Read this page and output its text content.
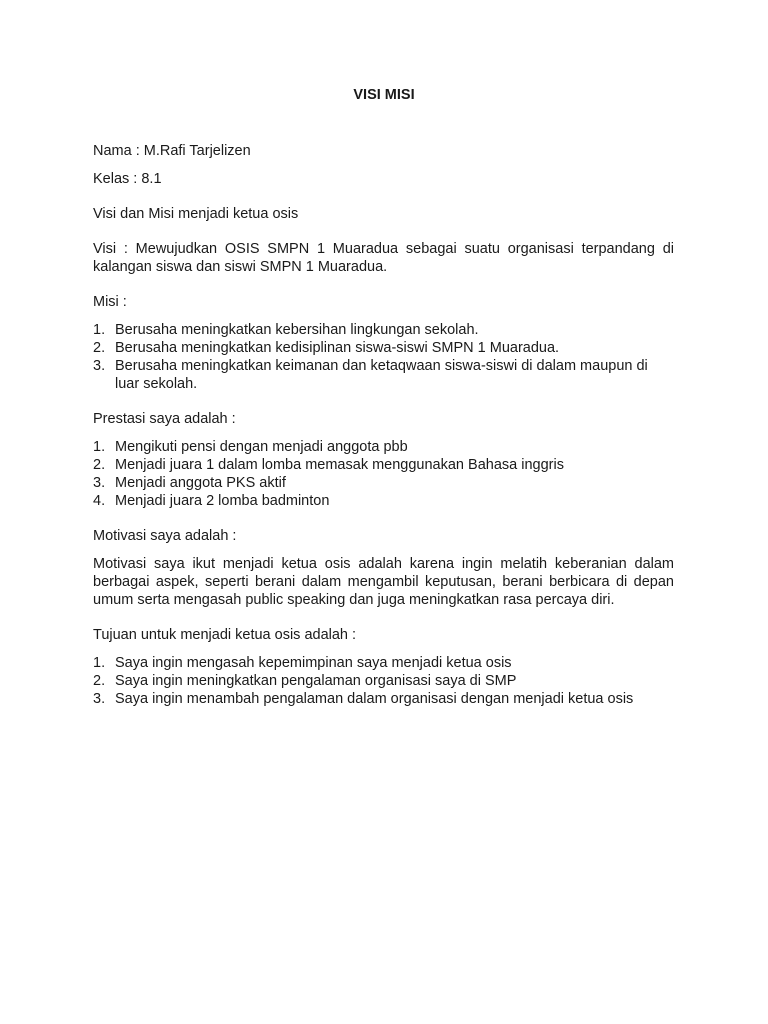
VISI MISI

Nama : M.Rafi Tarjelizen

Kelas : 8.1

Visi dan Misi menjadi ketua osis

Visi : Mewujudkan OSIS SMPN 1 Muaradua sebagai suatu organisasi terpandang di kalangan siswa dan siswi SMPN 1 Muaradua.

Misi :

1. Berusaha meningkatkan kebersihan lingkungan sekolah.
2. Berusaha meningkatkan kedisiplinan siswa-siswi SMPN 1 Muaradua.
3. Berusaha meningkatkan keimanan dan ketaqwaan siswa-siswi di dalam maupun di luar sekolah.

Prestasi saya adalah :

1. Mengikuti pensi dengan menjadi anggota pbb
2. Menjadi juara 1 dalam lomba memasak menggunakan Bahasa inggris
3. Menjadi anggota PKS aktif
4. Menjadi juara 2 lomba badminton

Motivasi saya adalah :

Motivasi saya ikut menjadi ketua osis adalah karena ingin melatih keberanian dalam berbagai aspek, seperti berani dalam mengambil keputusan, berani berbicara di depan umum serta mengasah public speaking dan juga meningkatkan rasa percaya diri.

Tujuan untuk menjadi ketua osis adalah :

1. Saya ingin mengasah kepemimpinan saya menjadi ketua osis
2. Saya ingin meningkatkan pengalaman organisasi saya di SMP
3. Saya ingin menambah pengalaman dalam organisasi dengan menjadi ketua osis
